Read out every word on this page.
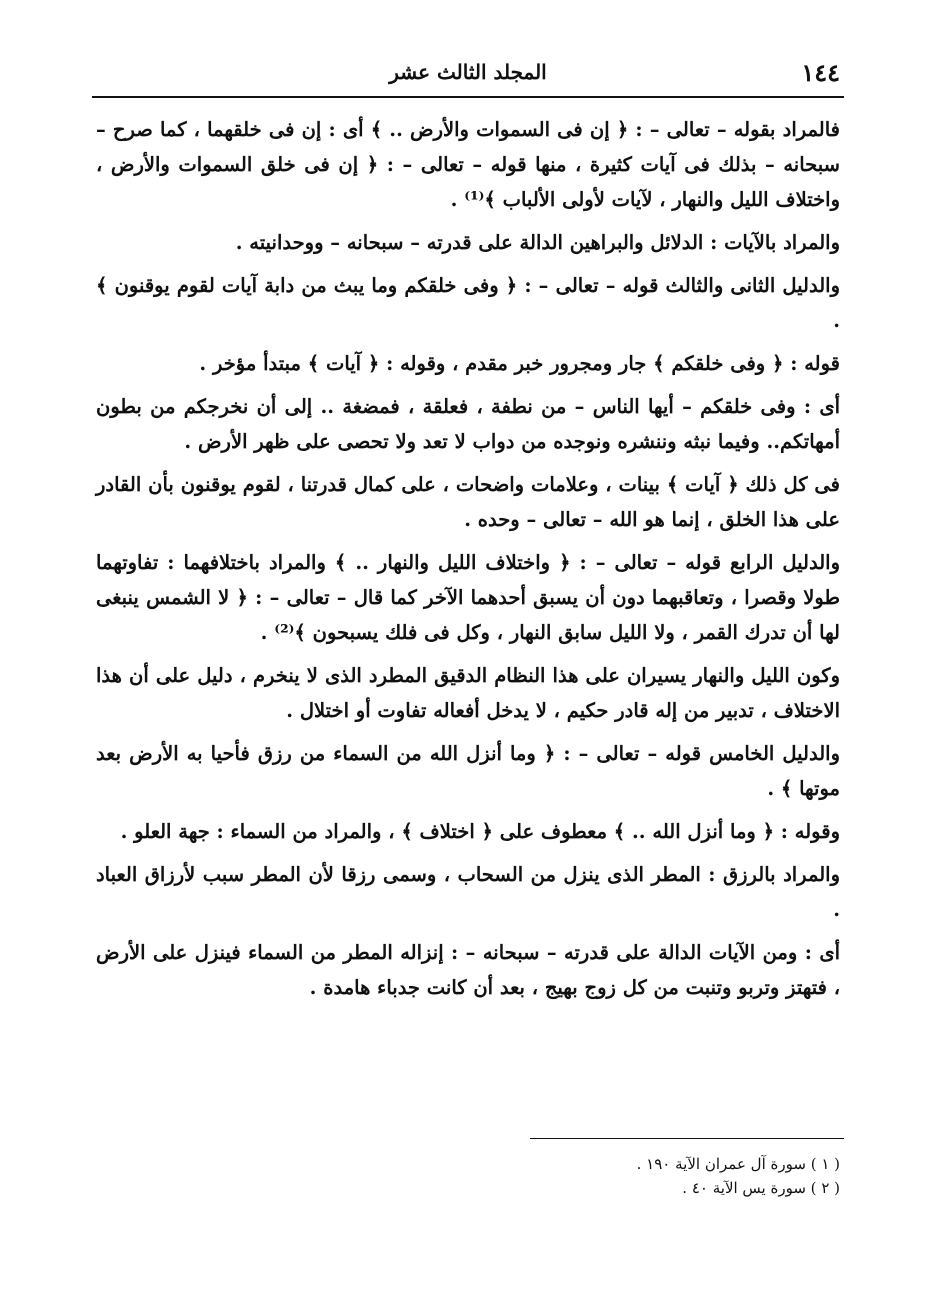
١٤٤
المجلد الثالث عشر

فالمراد بقوله – تعالى – : ﴿ إن فى السموات والأرض .. ﴾ أى : إن فى خلقهما ، كما صرح – سبحانه – بذلك فى آيات كثيرة ، منها قوله – تعالى – : ﴿ إن فى خلق السموات والأرض ، واختلاف الليل والنهار ، لآيات لأولى الألباب ﴾⁽¹⁾ .

والمراد بالآيات : الدلائل والبراهين الدالة على قدرته – سبحانه – ووحدانيته .

والدليل الثانى والثالث قوله – تعالى – : ﴿ وفى خلقكم وما يبث من دابة آيات لقوم يوقنون ﴾ .

قوله : ﴿ وفى خلقكم ﴾ جار ومجرور خبر مقدم ، وقوله : ﴿ آيات ﴾ مبتدأ مؤخر .

أى : وفى خلقكم – أيها الناس – من نطفة ، فعلقة ، فمضغة .. إلى أن نخرجكم من بطون أمهاتكم.. وفيما نبثه وننشره ونوجده من دواب لا تعد ولا تحصى على ظهر الأرض .

فى كل ذلك ﴿ آيات ﴾ بينات ، وعلامات واضحات ، على كمال قدرتنا ، لقوم يوقنون بأن القادر على هذا الخلق ، إنما هو الله – تعالى – وحده .

والدليل الرابع قوله – تعالى – : ﴿ واختلاف الليل والنهار .. ﴾ والمراد باختلافهما : تفاوتهما طولا وقصرا ، وتعاقبهما دون أن يسبق أحدهما الآخر كما قال – تعالى – : ﴿ لا الشمس ينبغى لها أن تدرك القمر ، ولا الليل سابق النهار ، وكل فى فلك يسبحون ﴾⁽²⁾ .

وكون الليل والنهار يسيران على هذا النظام الدقيق المطرد الذى لا ينخرم ، دليل على أن هذا الاختلاف ، تدبير من إله قادر حكيم ، لا يدخل أفعاله تفاوت أو اختلال .

والدليل الخامس قوله – تعالى – : ﴿ وما أنزل الله من السماء من رزق فأحيا به الأرض بعد موتها ﴾ .

وقوله : ﴿ وما أنزل الله .. ﴾ معطوف على ﴿ اختلاف ﴾ ، والمراد من السماء : جهة العلو .

والمراد بالرزق : المطر الذى ينزل من السحاب ، وسمى رزقا لأن المطر سبب لأرزاق العباد .

أى : ومن الآيات الدالة على قدرته – سبحانه – : إنزاله المطر من السماء فينزل على الأرض ، فتهتز وتربو وتنبت من كل زوج بهيج ، بعد أن كانت جدباء هامدة .

( ١ ) سورة آل عمران الآية ١٩٠ .
( ٢ ) سورة يس الآية ٤٠ .
